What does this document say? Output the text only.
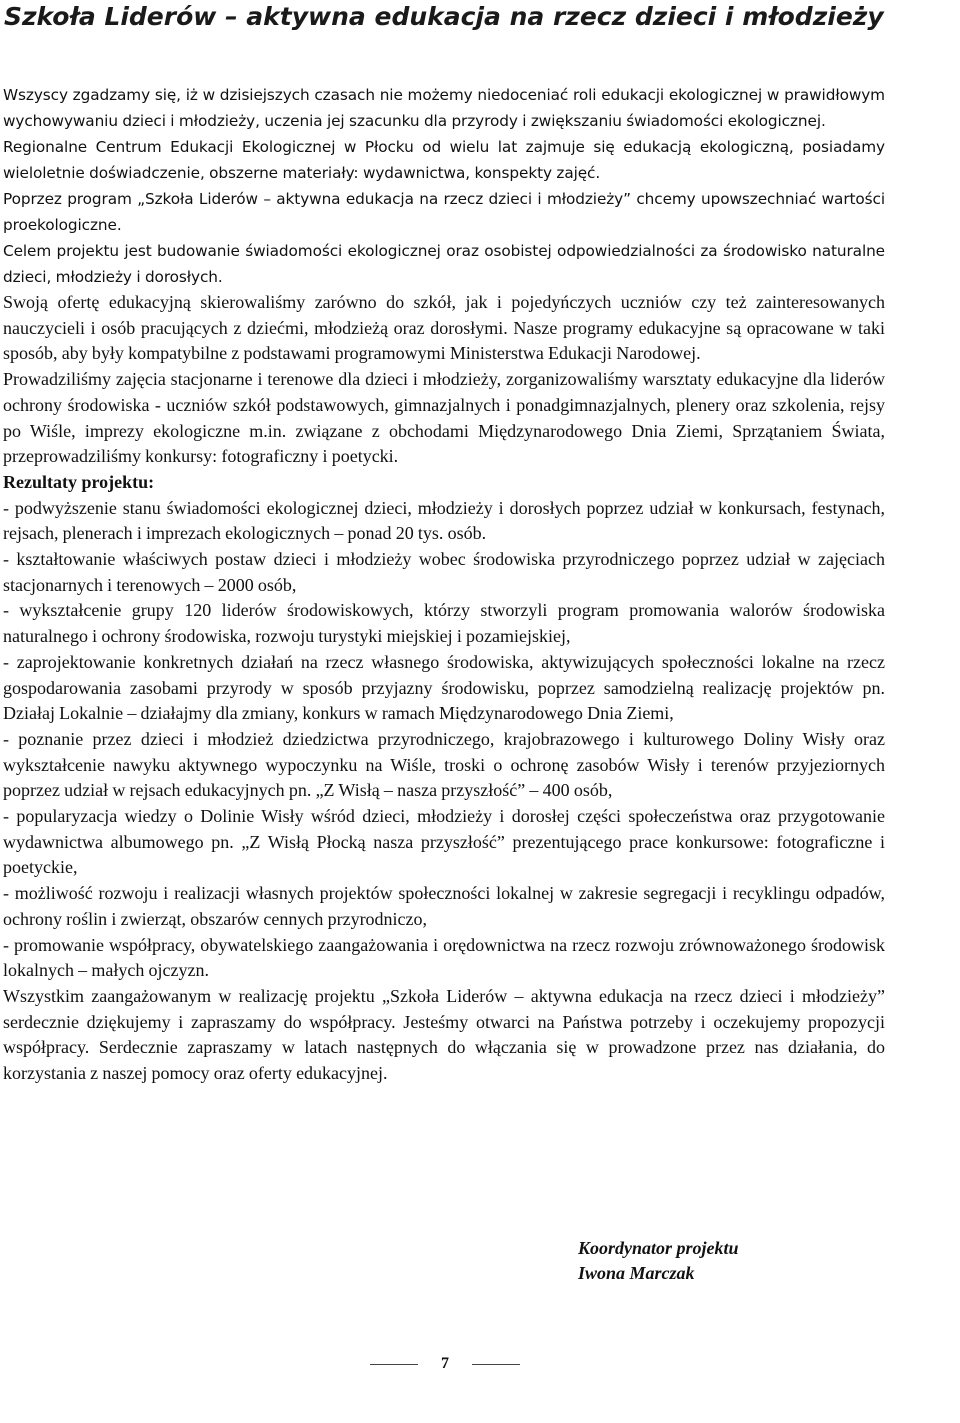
Szkoła Liderów – aktywna edukacja na rzecz dzieci i młodzieży

Wszyscy zgadzamy się, iż w dzisiejszych czasach nie możemy niedoceniać roli edukacji ekologicznej w prawidłowym wychowywaniu dzieci i młodzieży, uczenia jej szacunku dla przyrody i zwiększaniu świadomości ekologicznej.

Regionalne Centrum Edukacji Ekologicznej w Płocku od wielu lat zajmuje się edukacją ekologiczną, posiadamy wieloletnie doświadczenie, obszerne materiały: wydawnictwa, konspekty zajęć.

Poprzez program „Szkoła Liderów – aktywna edukacja na rzecz dzieci i młodzieży” chcemy upowszechniać wartości proekologiczne.

Celem projektu jest budowanie świadomości ekologicznej oraz osobistej odpowiedzialności za środowisko naturalne dzieci, młodzieży i dorosłych.

Swoją ofertę edukacyjną skierowaliśmy zarówno do szkół, jak i pojedyńczych uczniów czy też zainteresowanych nauczycieli i osób pracujących z dziećmi, młodzieżą oraz dorosłymi. Nasze programy edukacyjne są opracowane w taki sposób, aby były kompatybilne z podstawami programowymi Ministerstwa Edukacji Narodowej.

Prowadziliśmy zajęcia stacjonarne i terenowe dla dzieci i młodzieży, zorganizowaliśmy warsztaty edukacyjne dla liderów ochrony środowiska - uczniów szkół podstawowych, gimnazjalnych i ponadgimnazjalnych, plenery oraz szkolenia, rejsy po Wiśle, imprezy ekologiczne m.in. związane z obchodami Międzynarodowego Dnia Ziemi, Sprzątaniem Świata, przeprowadziliśmy konkursy: fotograficzny i poetycki.

Rezultaty projektu:

- podwyższenie stanu świadomości ekologicznej dzieci, młodzieży i dorosłych poprzez udział w konkursach, festynach, rejsach, plenerach i imprezach ekologicznych – ponad 20 tys. osób.

- kształtowanie właściwych postaw dzieci i młodzieży wobec środowiska przyrodniczego poprzez udział w zajęciach stacjonarnych i terenowych – 2000 osób,

- wykształcenie grupy 120 liderów środowiskowych, którzy stworzyli program promowania walorów środowiska naturalnego i ochrony środowiska, rozwoju turystyki miejskiej i pozamiejskiej,

- zaprojektowanie konkretnych działań na rzecz własnego środowiska, aktywizujących społeczności lokalne na rzecz gospodarowania zasobami przyrody w sposób przyjazny środowisku, poprzez samodzielną realizację projektów pn. Działaj Lokalnie – działajmy dla zmiany, konkurs w ramach Międzynarodowego Dnia Ziemi,

- poznanie przez dzieci i młodzież dziedzictwa przyrodniczego, krajobrazowego i kulturowego Doliny Wisły oraz wykształcenie nawyku aktywnego wypoczynku na Wiśle, troski o ochronę zasobów Wisły i terenów przyjeziornych poprzez udział w rejsach edukacyjnych pn. „Z Wisłą – nasza przyszłość” – 400 osób,

- popularyzacja wiedzy o Dolinie Wisły wśród dzieci, młodzieży i dorosłej części społeczeństwa oraz przygotowanie wydawnictwa albumowego pn. „Z Wisłą Płocką nasza przyszłość” prezentującego prace konkursowe: fotograficzne i poetyckie,

- możliwość rozwoju i realizacji własnych projektów społeczności lokalnej w zakresie segregacji i recyklingu odpadów, ochrony roślin i zwierząt, obszarów cennych przyrodniczo,

- promowanie współpracy, obywatelskiego zaangażowania i orędownictwa na rzecz rozwoju zrównoważonego środowisk lokalnych – małych ojczyzn.

Wszystkim zaangażowanym w realizację projektu „Szkoła Liderów – aktywna edukacja na rzecz dzieci i młodzieży” serdecznie dziękujemy i zapraszamy do współpracy. Jesteśmy otwarci na Państwa potrzeby i oczekujemy propozycji współpracy. Serdecznie zapraszamy w latach następnych do włączania się w prowadzone przez nas działania, do korzystania z naszej pomocy oraz oferty edukacyjnej.

Koordynator projektu
Iwona Marczak
7
